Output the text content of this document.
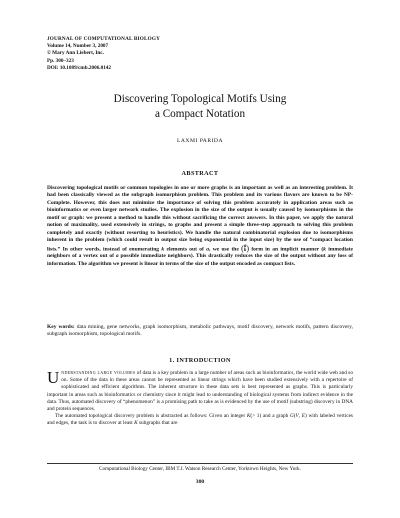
JOURNAL OF COMPUTATIONAL BIOLOGY
Volume 14, Number 3, 2007
© Mary Ann Liebert, Inc.
Pp. 300–323
DOI: 10.1089/cmb.2006.0142
Discovering Topological Motifs Using
a Compact Notation
LAXMI PARIDA
ABSTRACT

Discovering topological motifs or common topologies in one or more graphs is an important as well as an interesting problem. It had been classically viewed as the subgraph isomorphism problem. This problem and its various flavors are known to be NP-Complete. However, this does not minimize the importance of solving this problem accurately in application areas such as bioinformatics or even larger network studies. The explosion in the size of the output is usually caused by isomorphisms in the motif or graph: we present a method to handle this without sacrificing the correct answers. In this paper, we apply the natural notion of maximality, used extensively in strings, to graphs and present a simple three-step approach to solving this problem completely and exactly (without resorting to heuristics). We handle the natural combinatorial explosion due to isomorphisms inherent in the problem (which could result in output size being exponential in the input size) by the use of “compact location lists.” In other words, instead of enumerating k elements out of a, we use the (a
k) form in an implicit manner (k immediate neighbors of a vertex out of a possible immediate neighbors). This drastically reduces the size of the output without any loss of information. The algorithm we present is linear in terms of the size of the output encoded as compact lists.

Key words: data mining, gene networks, graph isomorphism, metabolic pathways, motif discovery, network motifs, pattern discovery, subgraph isomorphism, topological motifs.

1. INTRODUCTION

Understanding large volumes of data is a key problem in a large number of areas such as bioinformatics, the world wide web and so on. Some of the data in these areas cannot be represented as linear strings which have been studied extensively with a repertoire of sophisticated and efficient algorithms. The inherent structure in these data sets is best represented as graphs. This is particularly important in areas such as bioinformatics or chemistry since it might lead to understanding of biological systems from indirect evidence in the data. Thus, automated discovery of “phenomenon” is a promising path to take as is evidenced by the use of motif (substring) discovery in DNA and protein sequences.

The automated topological discovery problem is abstracted as follows: Given an integer K(> 1) and a graph G(V, E) with labeled vertices and edges, the task is to discover at least K subgraphs that are

Computational Biology Center, IBM T.J. Watson Research Center, Yorktown Heights, New York.
300
